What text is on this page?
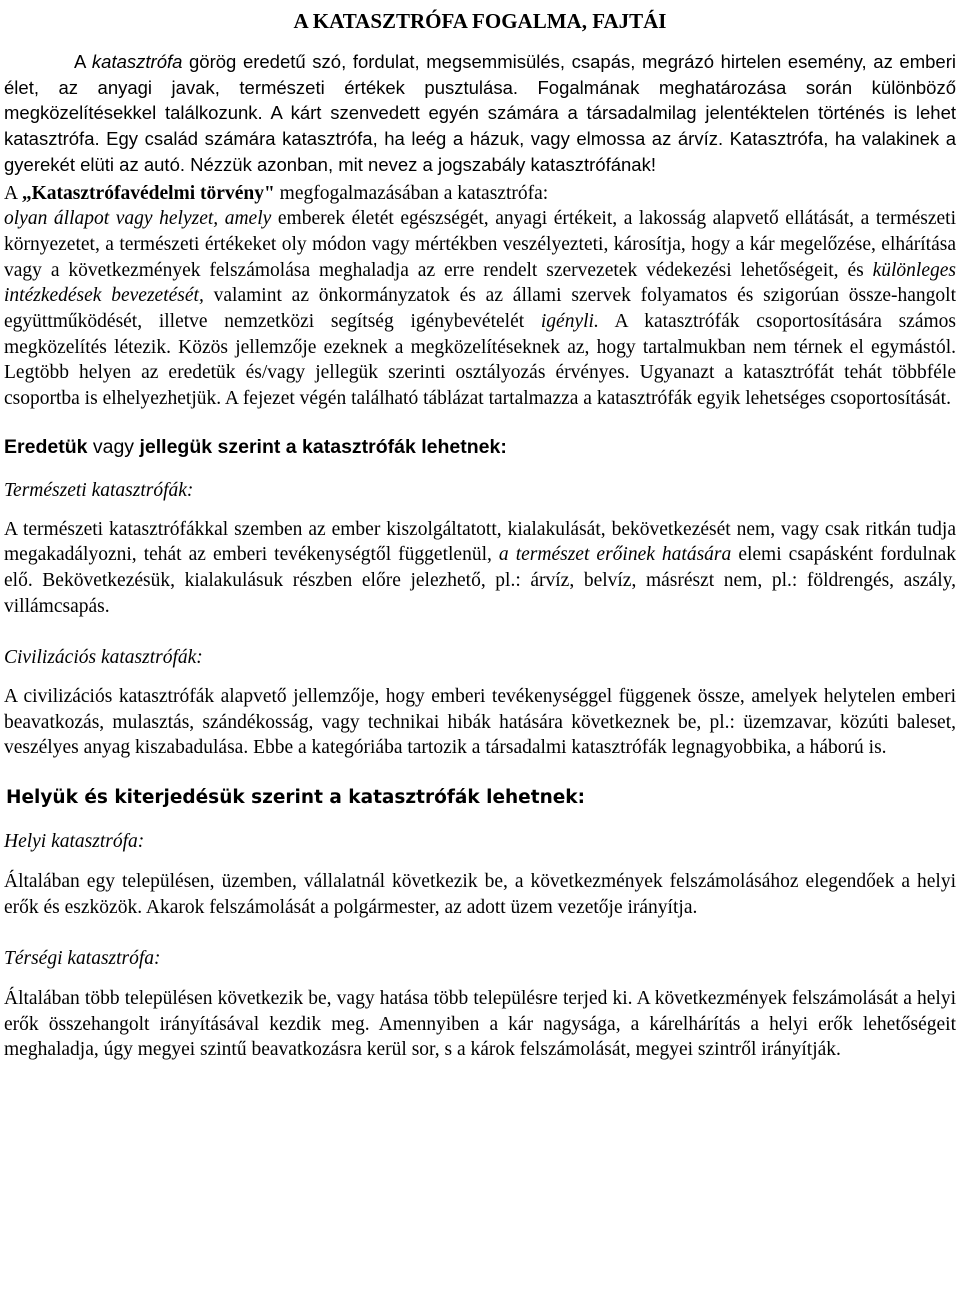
A KATASZTRÓFA FOGALMA, FAJTÁI

A katasztrófa görög eredetű szó, fordulat, megsemmisülés, csapás, megrázó hirtelen esemény, az emberi élet, az anyagi javak, természeti értékek pusztulása. Fogalmának meghatározása során különböző megközelítésekkel találkozunk. A kárt szenvedett egyén számára a társadalmilag jelentéktelen történés is lehet katasztrófa. Egy család számára katasztrófa, ha leég a házuk, vagy elmossa az árvíz. Katasztrófa, ha valakinek a gyerekét elüti az autó. Nézzük azonban, mit nevez a jogszabály katasztrófának!

A „Katasztrófavédelmi törvény" megfogalmazásában a katasztrófa:

olyan állapot vagy helyzet, amely emberek életét egészségét, anyagi értékeit, a lakosság alapvető ellátását, a természeti környezetet, a természeti értékeket oly módon vagy mértékben veszélyezteti, károsítja, hogy a kár megelőzése, elhárítása vagy a következmények felszámolása meghaladja az erre rendelt szervezetek védekezési lehetőségeit, és különleges intézkedések bevezetését, valamint az önkormányzatok és az állami szervek folyamatos és szigorúan össze-hangolt együttműködését, illetve nemzetközi segítség igénybevételét igényli. A katasztrófák csoportosítására számos megközelítés létezik. Közös jellemzője ezeknek a megközelítéseknek az, hogy tartalmukban nem térnek el egymástól. Legtöbb helyen az eredetük és/vagy jellegük szerinti osztályozás érvényes. Ugyanazt a katasztrófát tehát többféle csoportba is elhelyezhetjük. A fejezet végén található táblázat tartalmazza a katasztrófák egyik lehetséges csoportosítását.

Eredetük vagy jellegük szerint a katasztrófák lehetnek:
Természeti katasztrófák:

A természeti katasztrófákkal szemben az ember kiszolgáltatott, kialakulását, bekövetkezését nem, vagy csak ritkán tudja megakadályozni, tehát az emberi tevékenységtől függetlenül, a természet erőinek hatására elemi csapásként fordulnak elő. Bekövetkezésük, kialakulásuk részben előre jelezhető, pl.: árvíz, belvíz, másrészt nem, pl.: földrengés, aszály, villámcsapás.

Civilizációs katasztrófák:

A civilizációs katasztrófák alapvető jellemzője, hogy emberi tevékenységgel függenek össze, amelyek helytelen emberi beavatkozás, mulasztás, szándékosság, vagy technikai hibák hatására következnek be, pl.: üzemzavar, közúti baleset, veszélyes anyag kiszabadulása. Ebbe a kategóriába tartozik a társadalmi katasztrófák legnagyobbika, a háború is.

Helyük és kiterjedésük szerint a katasztrófák lehetnek:
Helyi katasztrófa:

Általában egy településen, üzemben, vállalatnál következik be, a következmények felszámolásához elegendőek a helyi erők és eszközök. Akarok felszámolását a polgármester, az adott üzem vezetője irányítja.

Térségi katasztrófa:

Általában több településen következik be, vagy hatása több településre terjed ki. A következmények felszámolását a helyi erők összehangolt irányításával kezdik meg. Amennyiben a kár nagysága, a kárelhárítás a helyi erők lehetőségeit meghaladja, úgy megyei szintű beavatkozásra kerül sor, s a károk felszámolását, megyei szintről irányítják.
